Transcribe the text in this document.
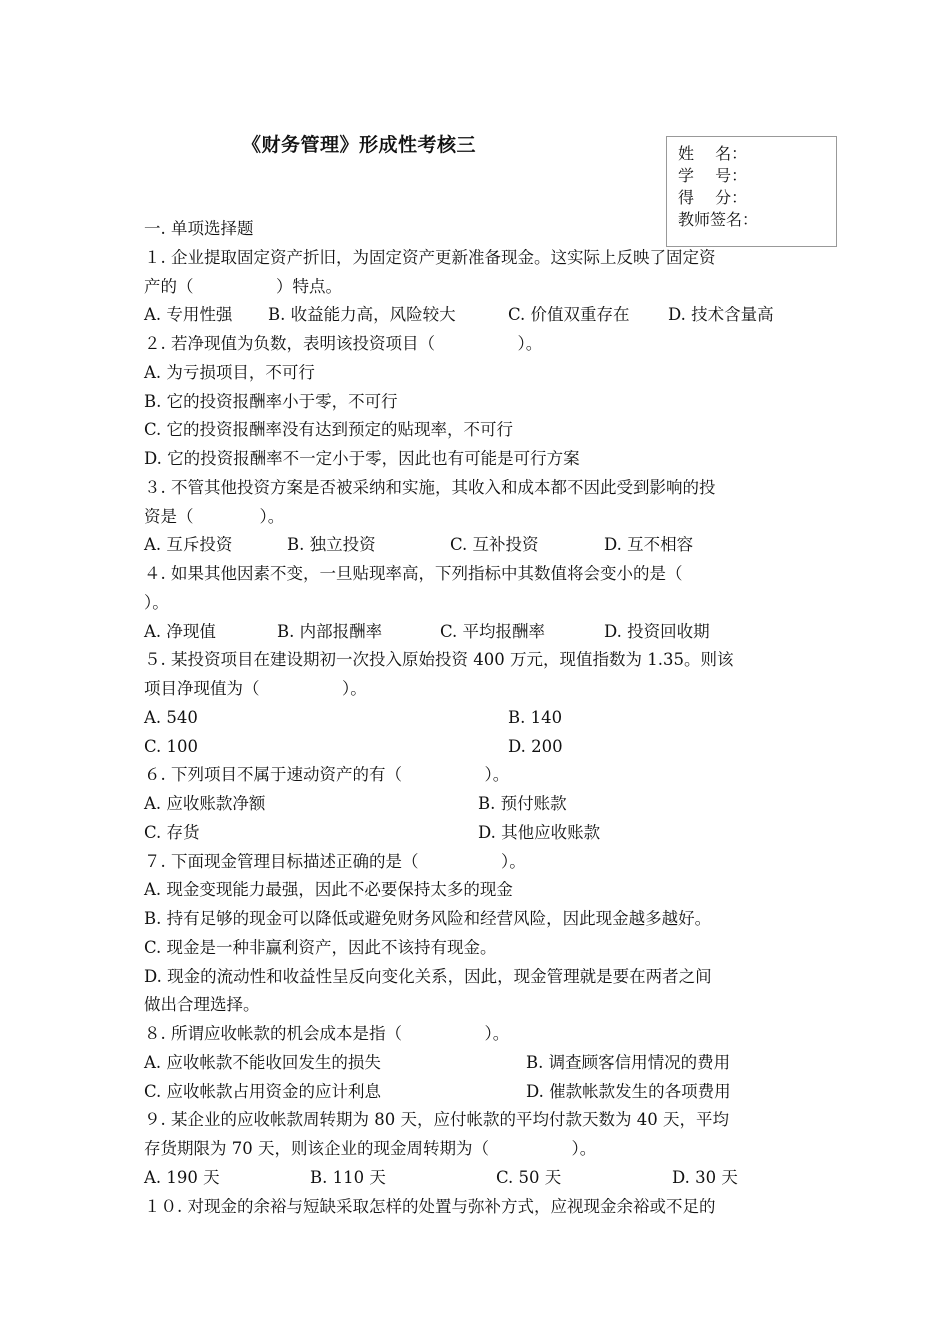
《财务管理》形成性考核三	姓　 名：
学　 号：
得　 分：
教师签名：
一. 单项选择题
１. 企业提取固定资产折旧，为固定资产更新准备现金。这实际上反映了固定资
产的（　　　　　）特点。
A. 专用性强 B. 收益能力高，风险较大	C. 价值双重存在 D. 技术含量高
２. 若净现值为负数，表明该投资项目（　　　　　）。
A. 为亏损项目，不可行
B. 它的投资报酬率小于零，不可行
C. 它的投资报酬率没有达到预定的贴现率，不可行
D. 它的投资报酬率不一定小于零，因此也有可能是可行方案
３. 不管其他投资方案是否被采纳和实施，其收入和成本都不因此受到影响的投
资是（　　　　）。
A. 互斥投资	B. 独立投资	C. 互补投资	D. 互不相容
４. 如果其他因素不变，一旦贴现率高，下列指标中其数值将会变小的是（
）。
A. 净现值	B. 内部报酬率	C. 平均报酬率	D. 投资回收期
５. 某投资项目在建设期初一次投入原始投资 400 万元，现值指数为 1.35。则该
项目净现值为（　　　　　）。
A. 540	B. 140
C. 100	D. 200
６. 下列项目不属于速动资产的有（　　　　　）。
A. 应收账款净额	B. 预付账款
C. 存货	D. 其他应收账款
７. 下面现金管理目标描述正确的是（　　　　　）。
A. 现金变现能力最强，因此不必要保持太多的现金
B. 持有足够的现金可以降低或避免财务风险和经营风险，因此现金越多越好。
C. 现金是一种非赢利资产，因此不该持有现金。
D. 现金的流动性和收益性呈反向变化关系，因此，现金管理就是要在两者之间
做出合理选择。
８. 所谓应收帐款的机会成本是指（　　　　　）。
A. 应收帐款不能收回发生的损失	B. 调查顾客信用情况的费用
C. 应收帐款占用资金的应计利息	D. 催款帐款发生的各项费用
９. 某企业的应收帐款周转期为 80 天，应付帐款的平均付款天数为 40 天，平均
存货期限为 70 天，则该企业的现金周转期为（　　　　　）。
A. 190 天	B. 110 天	C. 50 天	D. 30 天
１０. 对现金的余裕与短缺采取怎样的处置与弥补方式，应视现金余裕或不足的
